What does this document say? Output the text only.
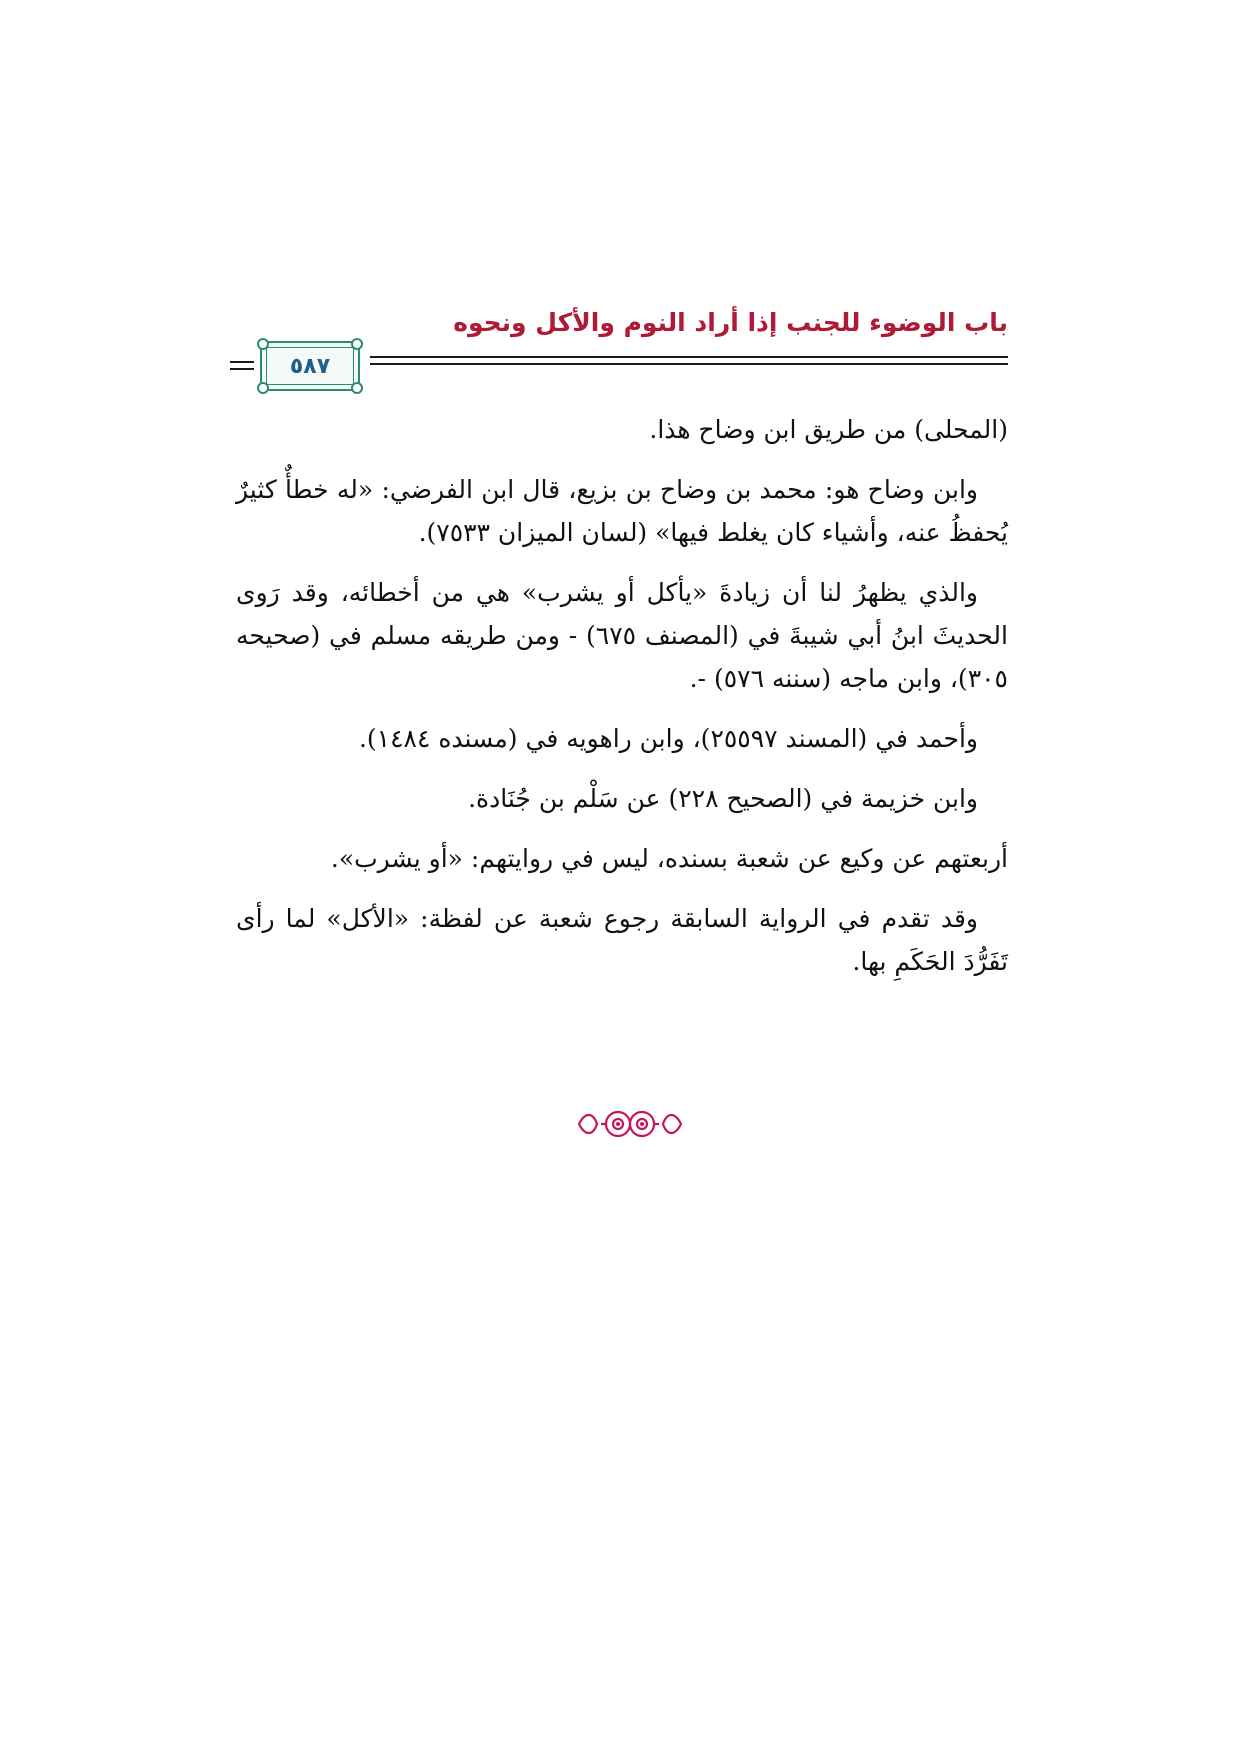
باب الوضوء للجنب إذا أراد النوم والأكل ونحوه
٥٨٧

(المحلى) من طريق ابن وضاح هذا.

وابن وضاح هو: محمد بن وضاح بن بزيع، قال ابن الفرضي: «له خطأٌ كثيرٌ يُحفظُ عنه، وأشياء كان يغلط فيها» (لسان الميزان ٧٥٣٣).

والذي يظهرُ لنا أن زيادةَ «يأكل أو يشرب» هي من أخطائه، وقد رَوى الحديثَ ابنُ أبي شيبةَ في (المصنف ٦٧٥) - ومن طريقه مسلم في (صحيحه ٣٠٥)، وابن ماجه (سننه ٥٧٦) -.

وأحمد في (المسند ٢٥٥٩٧)، وابن راهويه في (مسنده ١٤٨٤).

وابن خزيمة في (الصحيح ٢٢٨) عن سَلْم بن جُنَادة.

أربعتهم عن وكيع عن شعبة بسنده، ليس في روايتهم: «أو يشرب».

وقد تقدم في الرواية السابقة رجوع شعبة عن لفظة: «الأكل» لما رأى تَفَرُّدَ الحَكَمِ بها.
